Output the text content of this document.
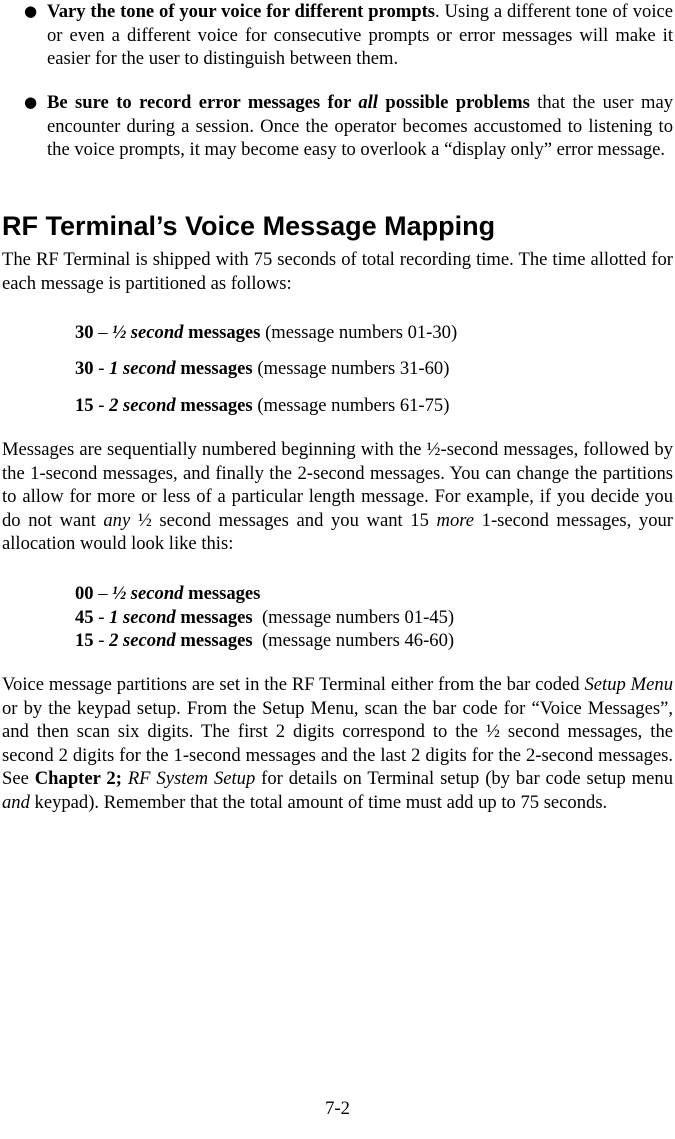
● Vary the tone of your voice for different prompts. Using a different tone of voice or even a different voice for consecutive prompts or error messages will make it easier for the user to distinguish between them.
● Be sure to record error messages for all possible problems that the user may encounter during a session. Once the operator becomes accustomed to listening to the voice prompts, it may become easy to overlook a “display only” error message.
RF Terminal’s Voice Message Mapping
The RF Terminal is shipped with 75 seconds of total recording time. The time allotted for each message is partitioned as follows:
30 – ½ second messages (message numbers 01-30)
30 - 1 second messages (message numbers 31-60)
15 - 2 second messages (message numbers 61-75)
Messages are sequentially numbered beginning with the ½-second messages, followed by the 1-second messages, and finally the 2-second messages. You can change the partitions to allow for more or less of a particular length message. For example, if you decide you do not want any ½ second messages and you want 15 more 1-second messages, your allocation would look like this:
00 – ½ second messages
45 - 1 second messages  (message numbers 01-45)
15 - 2 second messages  (message numbers 46-60)
Voice message partitions are set in the RF Terminal either from the bar coded Setup Menu or by the keypad setup. From the Setup Menu, scan the bar code for “Voice Messages”, and then scan six digits. The first 2 digits correspond to the ½ second messages, the second 2 digits for the 1-second messages and the last 2 digits for the 2-second messages. See Chapter 2; RF System Setup for details on Terminal setup (by bar code setup menu and keypad). Remember that the total amount of time must add up to 75 seconds.
7-2
